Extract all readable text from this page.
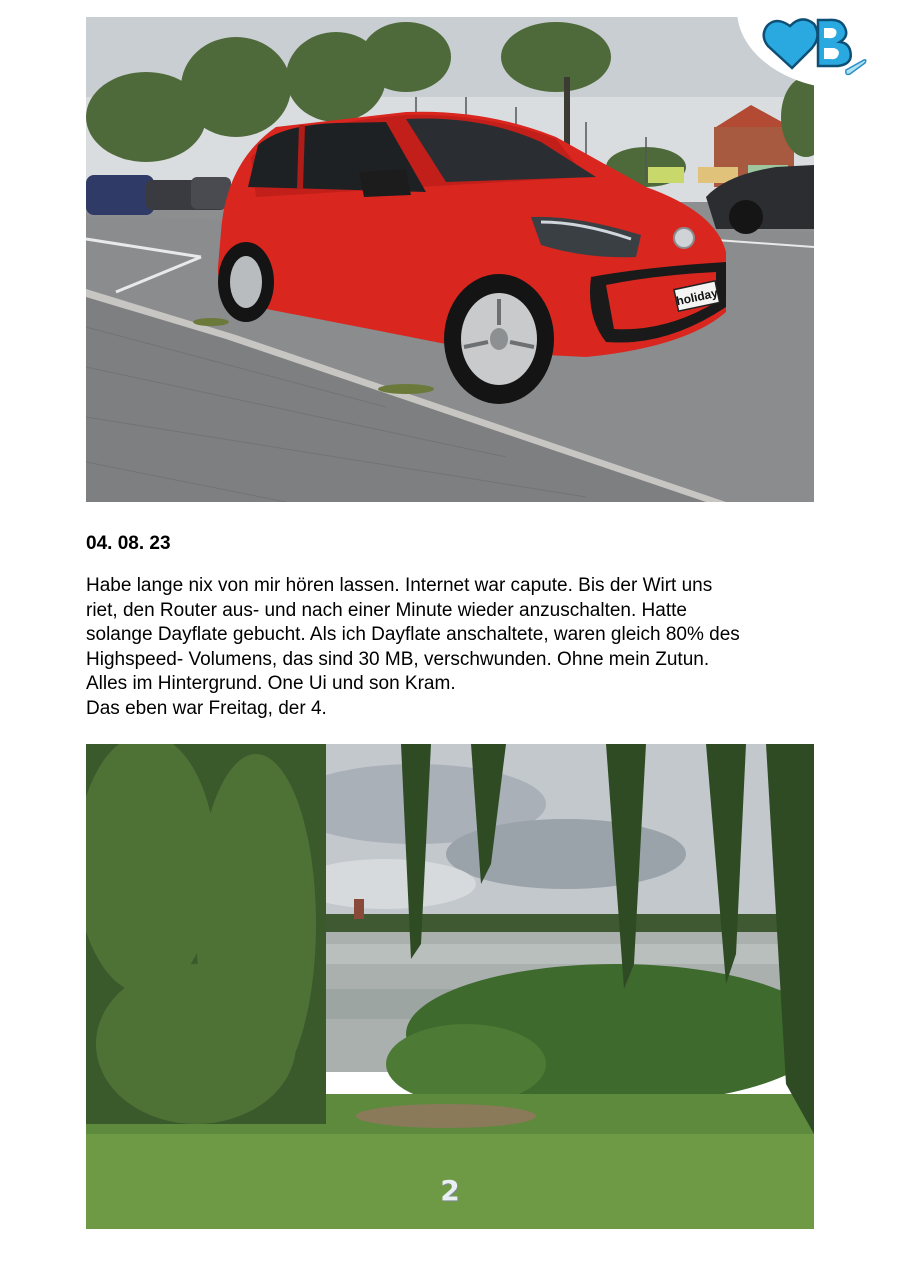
holiday
04. 08. 23
Habe lange nix von mir hören lassen. Internet war capute. Bis der Wirt uns
riet, den Router aus- und nach einer Minute wieder anzuschalten. Hatte
solange Dayflate gebucht. Als ich Dayflate anschaltete, waren gleich 80% des
Highspeed- Volumens, das sind 30 MB, verschwunden. Ohne mein Zutun.
Alles im Hintergrund. One Ui und son Kram.
Das eben war Freitag, der 4.
2
